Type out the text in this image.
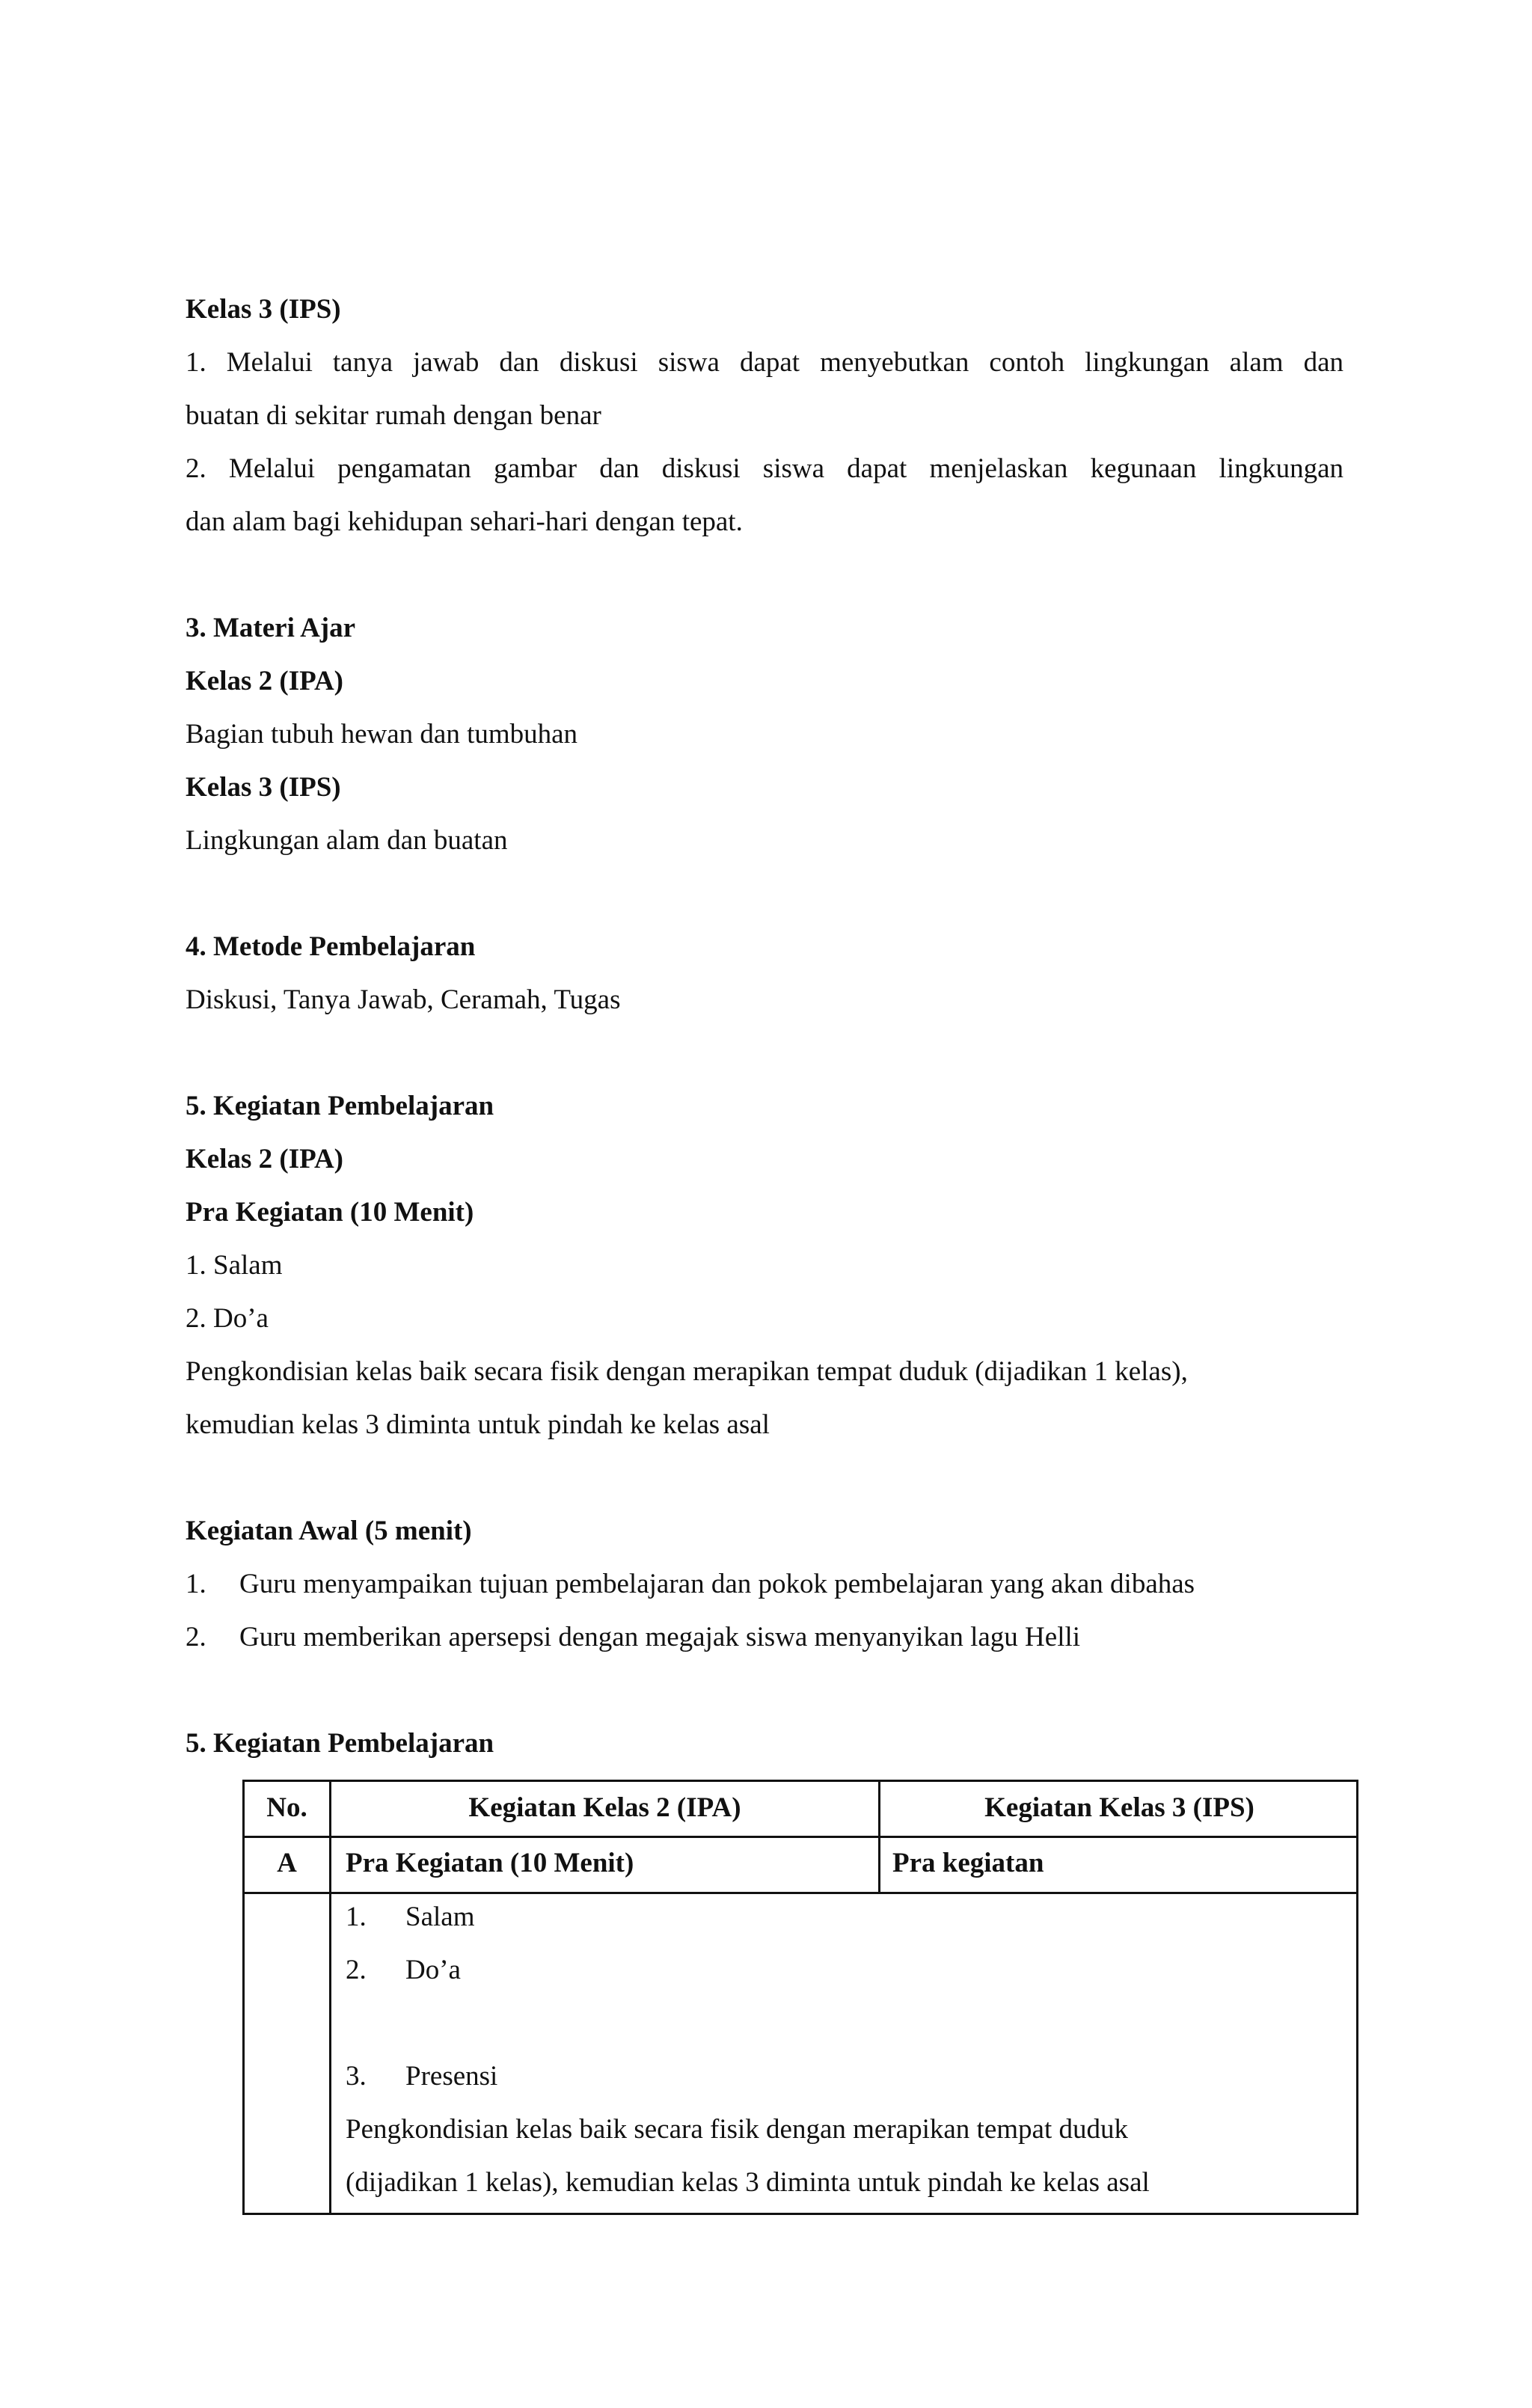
Kelas 3 (IPS)
1. Melalui tanya jawab dan diskusi siswa dapat menyebutkan contoh lingkungan alam dan
buatan di sekitar rumah dengan benar
2. Melalui pengamatan gambar dan diskusi siswa dapat menjelaskan kegunaan lingkungan
dan alam bagi kehidupan sehari-hari dengan tepat.
3. Materi Ajar
Kelas 2 (IPA)
Bagian tubuh hewan dan tumbuhan
Kelas 3 (IPS)
Lingkungan alam dan buatan
4. Metode Pembelajaran
Diskusi, Tanya Jawab, Ceramah, Tugas
5. Kegiatan Pembelajaran
Kelas 2 (IPA)
Pra Kegiatan (10 Menit)
1. Salam
2. Do’a
Pengkondisian kelas baik secara fisik dengan merapikan tempat duduk (dijadikan 1 kelas),
kemudian kelas 3 diminta untuk pindah ke kelas asal
Kegiatan Awal (5 menit)
1. Guru menyampaikan tujuan pembelajaran dan pokok pembelajaran yang akan dibahas
2. Guru memberikan apersepsi dengan megajak siswa menyanyikan lagu Helli
5. Kegiatan Pembelajaran
No.	Kegiatan Kelas 2 (IPA)	Kegiatan Kelas 3 (IPS)
A	Pra Kegiatan (10 Menit)	Pra kegiatan
1. Salam
2. Do’a
3. Presensi
Pengkondisian kelas baik secara fisik dengan merapikan tempat duduk
(dijadikan 1 kelas), kemudian kelas 3 diminta untuk pindah ke kelas asal
